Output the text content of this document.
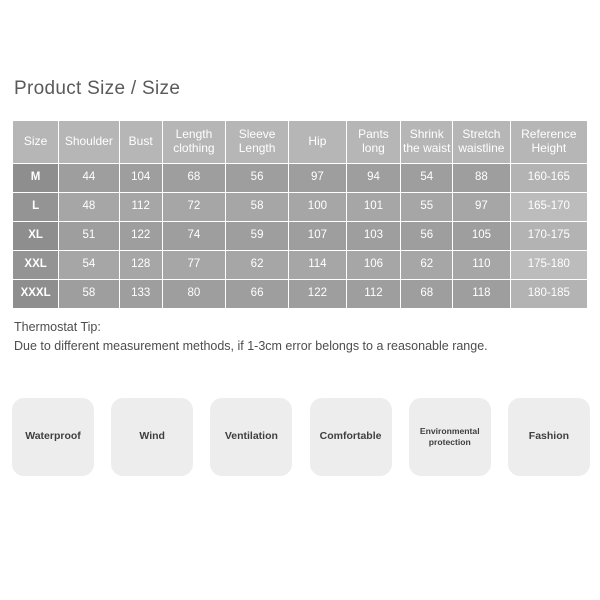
Product Size / Size
Size	Shoulder	Bust	Length clothing	Sleeve Length	Hip	Pants long	Shrink the waist	Stretch waistline	Reference Height
M	44	104	68	56	97	94	54	88	160-165
L	48	112	72	58	100	101	55	97	165-170
XL	51	122	74	59	107	103	56	105	170-175
XXL	54	128	77	62	114	106	62	110	175-180
XXXL	58	133	80	66	122	112	68	118	180-185
Thermostat Tip:
Due to different measurement methods, if 1-3cm error belongs to a reasonable range.
Waterproof	Wind	Ventilation	Comfortable	Environmental protection	Fashion
